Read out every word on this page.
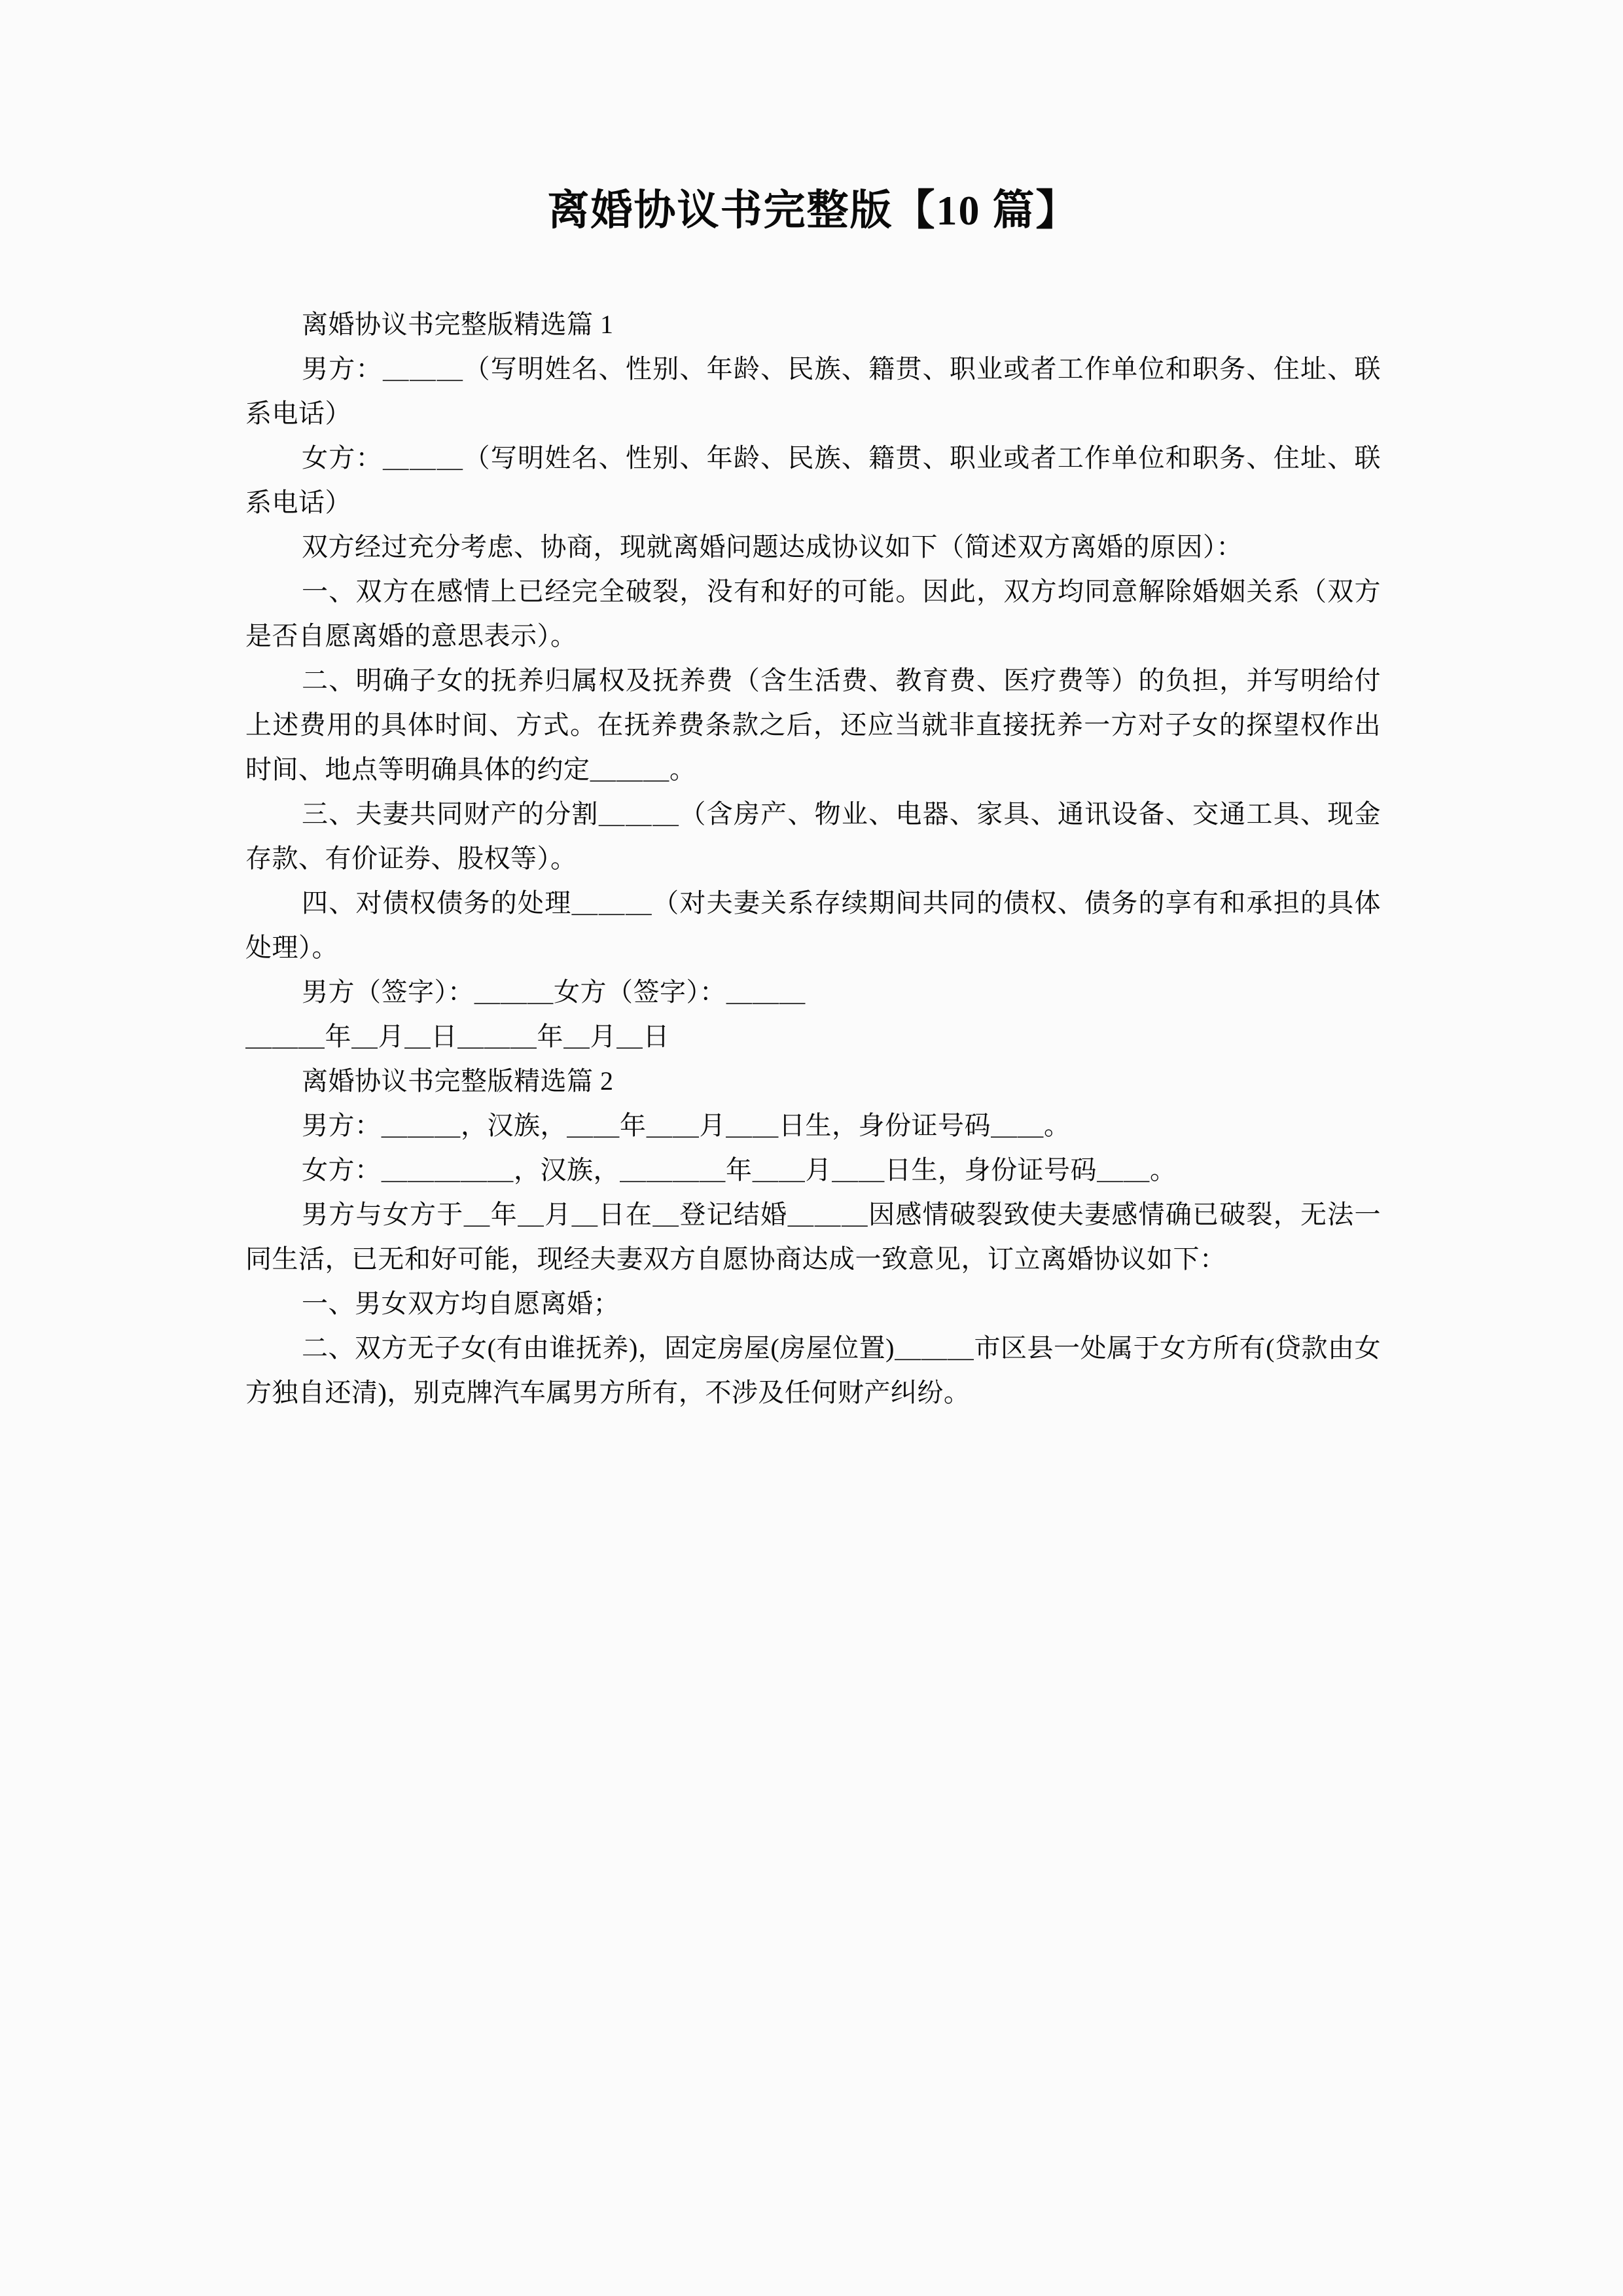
离婚协议书完整版【10 篇】

离婚协议书完整版精选篇 1

男方：＿＿＿（写明姓名、性别、年龄、民族、籍贯、职业或者工作单位和职务、住址、联系电话）

女方：＿＿＿（写明姓名、性别、年龄、民族、籍贯、职业或者工作单位和职务、住址、联系电话）

双方经过充分考虑、协商，现就离婚问题达成协议如下（简述双方离婚的原因）：

一、双方在感情上已经完全破裂，没有和好的可能。因此，双方均同意解除婚姻关系（双方是否自愿离婚的意思表示）。

二、明确子女的抚养归属权及抚养费（含生活费、教育费、医疗费等）的负担，并写明给付上述费用的具体时间、方式。在抚养费条款之后，还应当就非直接抚养一方对子女的探望权作出时间、地点等明确具体的约定＿＿＿。

三、夫妻共同财产的分割＿＿＿（含房产、物业、电器、家具、通讯设备、交通工具、现金存款、有价证券、股权等）。

四、对债权债务的处理＿＿＿（对夫妻关系存续期间共同的债权、债务的享有和承担的具体处理）。

男方（签字）：＿＿＿女方（签字）：＿＿＿

＿＿＿年＿月＿日＿＿＿年＿月＿日

离婚协议书完整版精选篇 2

男方：＿＿＿，汉族，＿＿年＿＿月＿＿日生，身份证号码＿＿。

女方：＿＿＿＿＿，汉族，＿＿＿＿年＿＿月＿＿日生，身份证号码＿＿。

男方与女方于＿年＿月＿日在＿登记结婚＿＿＿因感情破裂致使夫妻感情确已破裂，无法一同生活，已无和好可能，现经夫妻双方自愿协商达成一致意见，订立离婚协议如下：

一、男女双方均自愿离婚；

二、双方无子女(有由谁抚养)，固定房屋(房屋位置)＿＿＿市区县一处属于女方所有(贷款由女方独自还清)，别克牌汽车属男方所有，不涉及任何财产纠纷。
